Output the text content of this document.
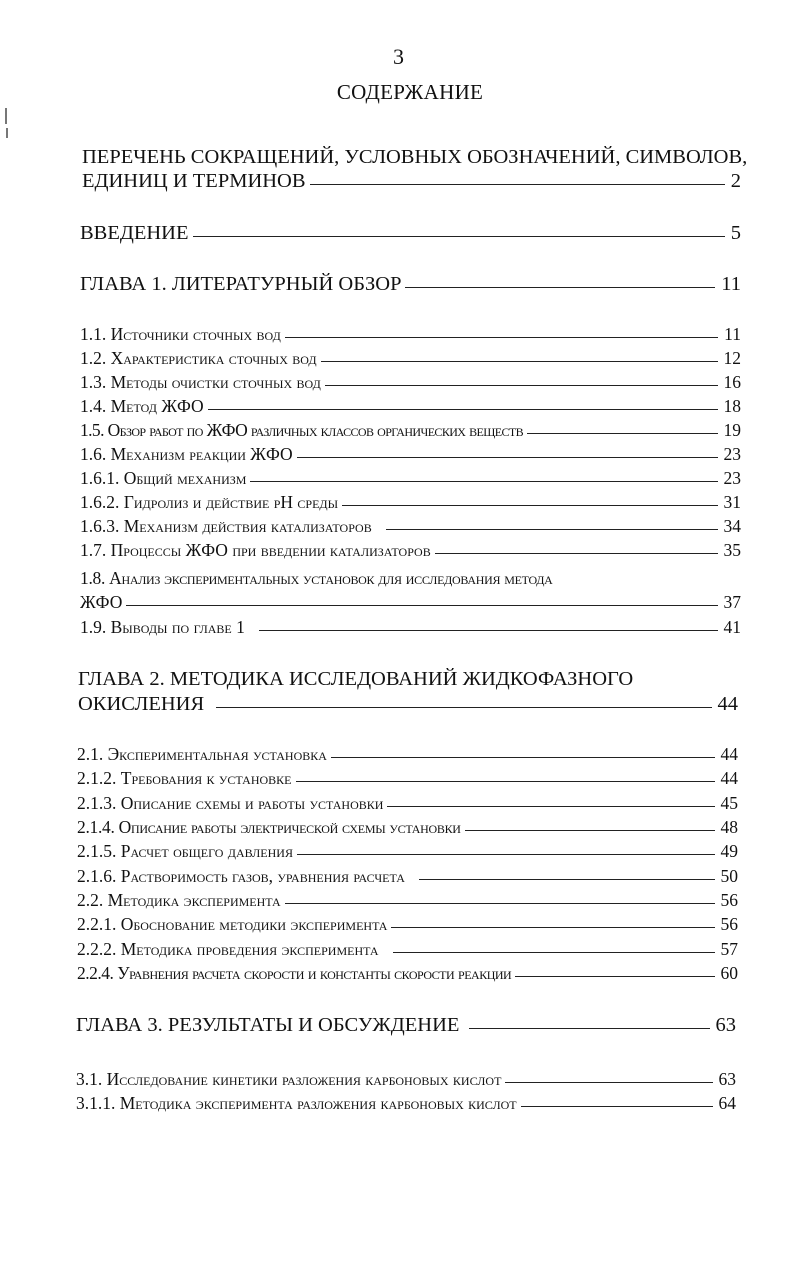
3
СОДЕРЖАНИЕ
ПЕРЕЧЕНЬ СОКРАЩЕНИЙ, УСЛОВНЫХ ОБОЗНАЧЕНИЙ, СИМВОЛОВ,
ЕДИНИЦ И ТЕРМИНОВ	2
ВВЕДЕНИЕ	5
ГЛАВА 1. ЛИТЕРАТУРНЫЙ ОБЗОР	11
1.1. Источники сточных вод	11
1.2. Характеристика сточных вод	12
1.3. Методы очистки сточных вод	16
1.4. Метод ЖФО	18
1.5. Обзор работ по ЖФО различных классов органических веществ	19
1.6. Механизм реакции ЖФО	23
1.6.1. Общий механизм	23
1.6.2. Гидролиз и действие pH среды	31
1.6.3. Механизм действия катализаторов	34
1.7. Процессы ЖФО при введении катализаторов	35
1.8. Анализ экспериментальных установок для исследования метода
ЖФО	37
1.9. Выводы по главе 1	41
ГЛАВА 2. МЕТОДИКА ИССЛЕДОВАНИЙ ЖИДКОФАЗНОГО
ОКИСЛЕНИЯ	44
2.1. Экспериментальная установка	44
2.1.2. Требования к установке	44
2.1.3. Описание схемы и работы установки	45
2.1.4. Описание работы электрической схемы установки	48
2.1.5. Расчет общего давления	49
2.1.6. Растворимость газов, уравнения расчета	50
2.2. Методика эксперимента	56
2.2.1. Обоснование методики эксперимента	56
2.2.2. Методика проведения эксперимента	57
2.2.4. Уравнения расчета скорости и константы скорости реакции	60
ГЛАВА 3. РЕЗУЛЬТАТЫ И ОБСУЖДЕНИЕ	63
3.1. Исследование кинетики разложения карбоновых кислот	63
3.1.1. Методика эксперимента разложения карбоновых кислот	64
